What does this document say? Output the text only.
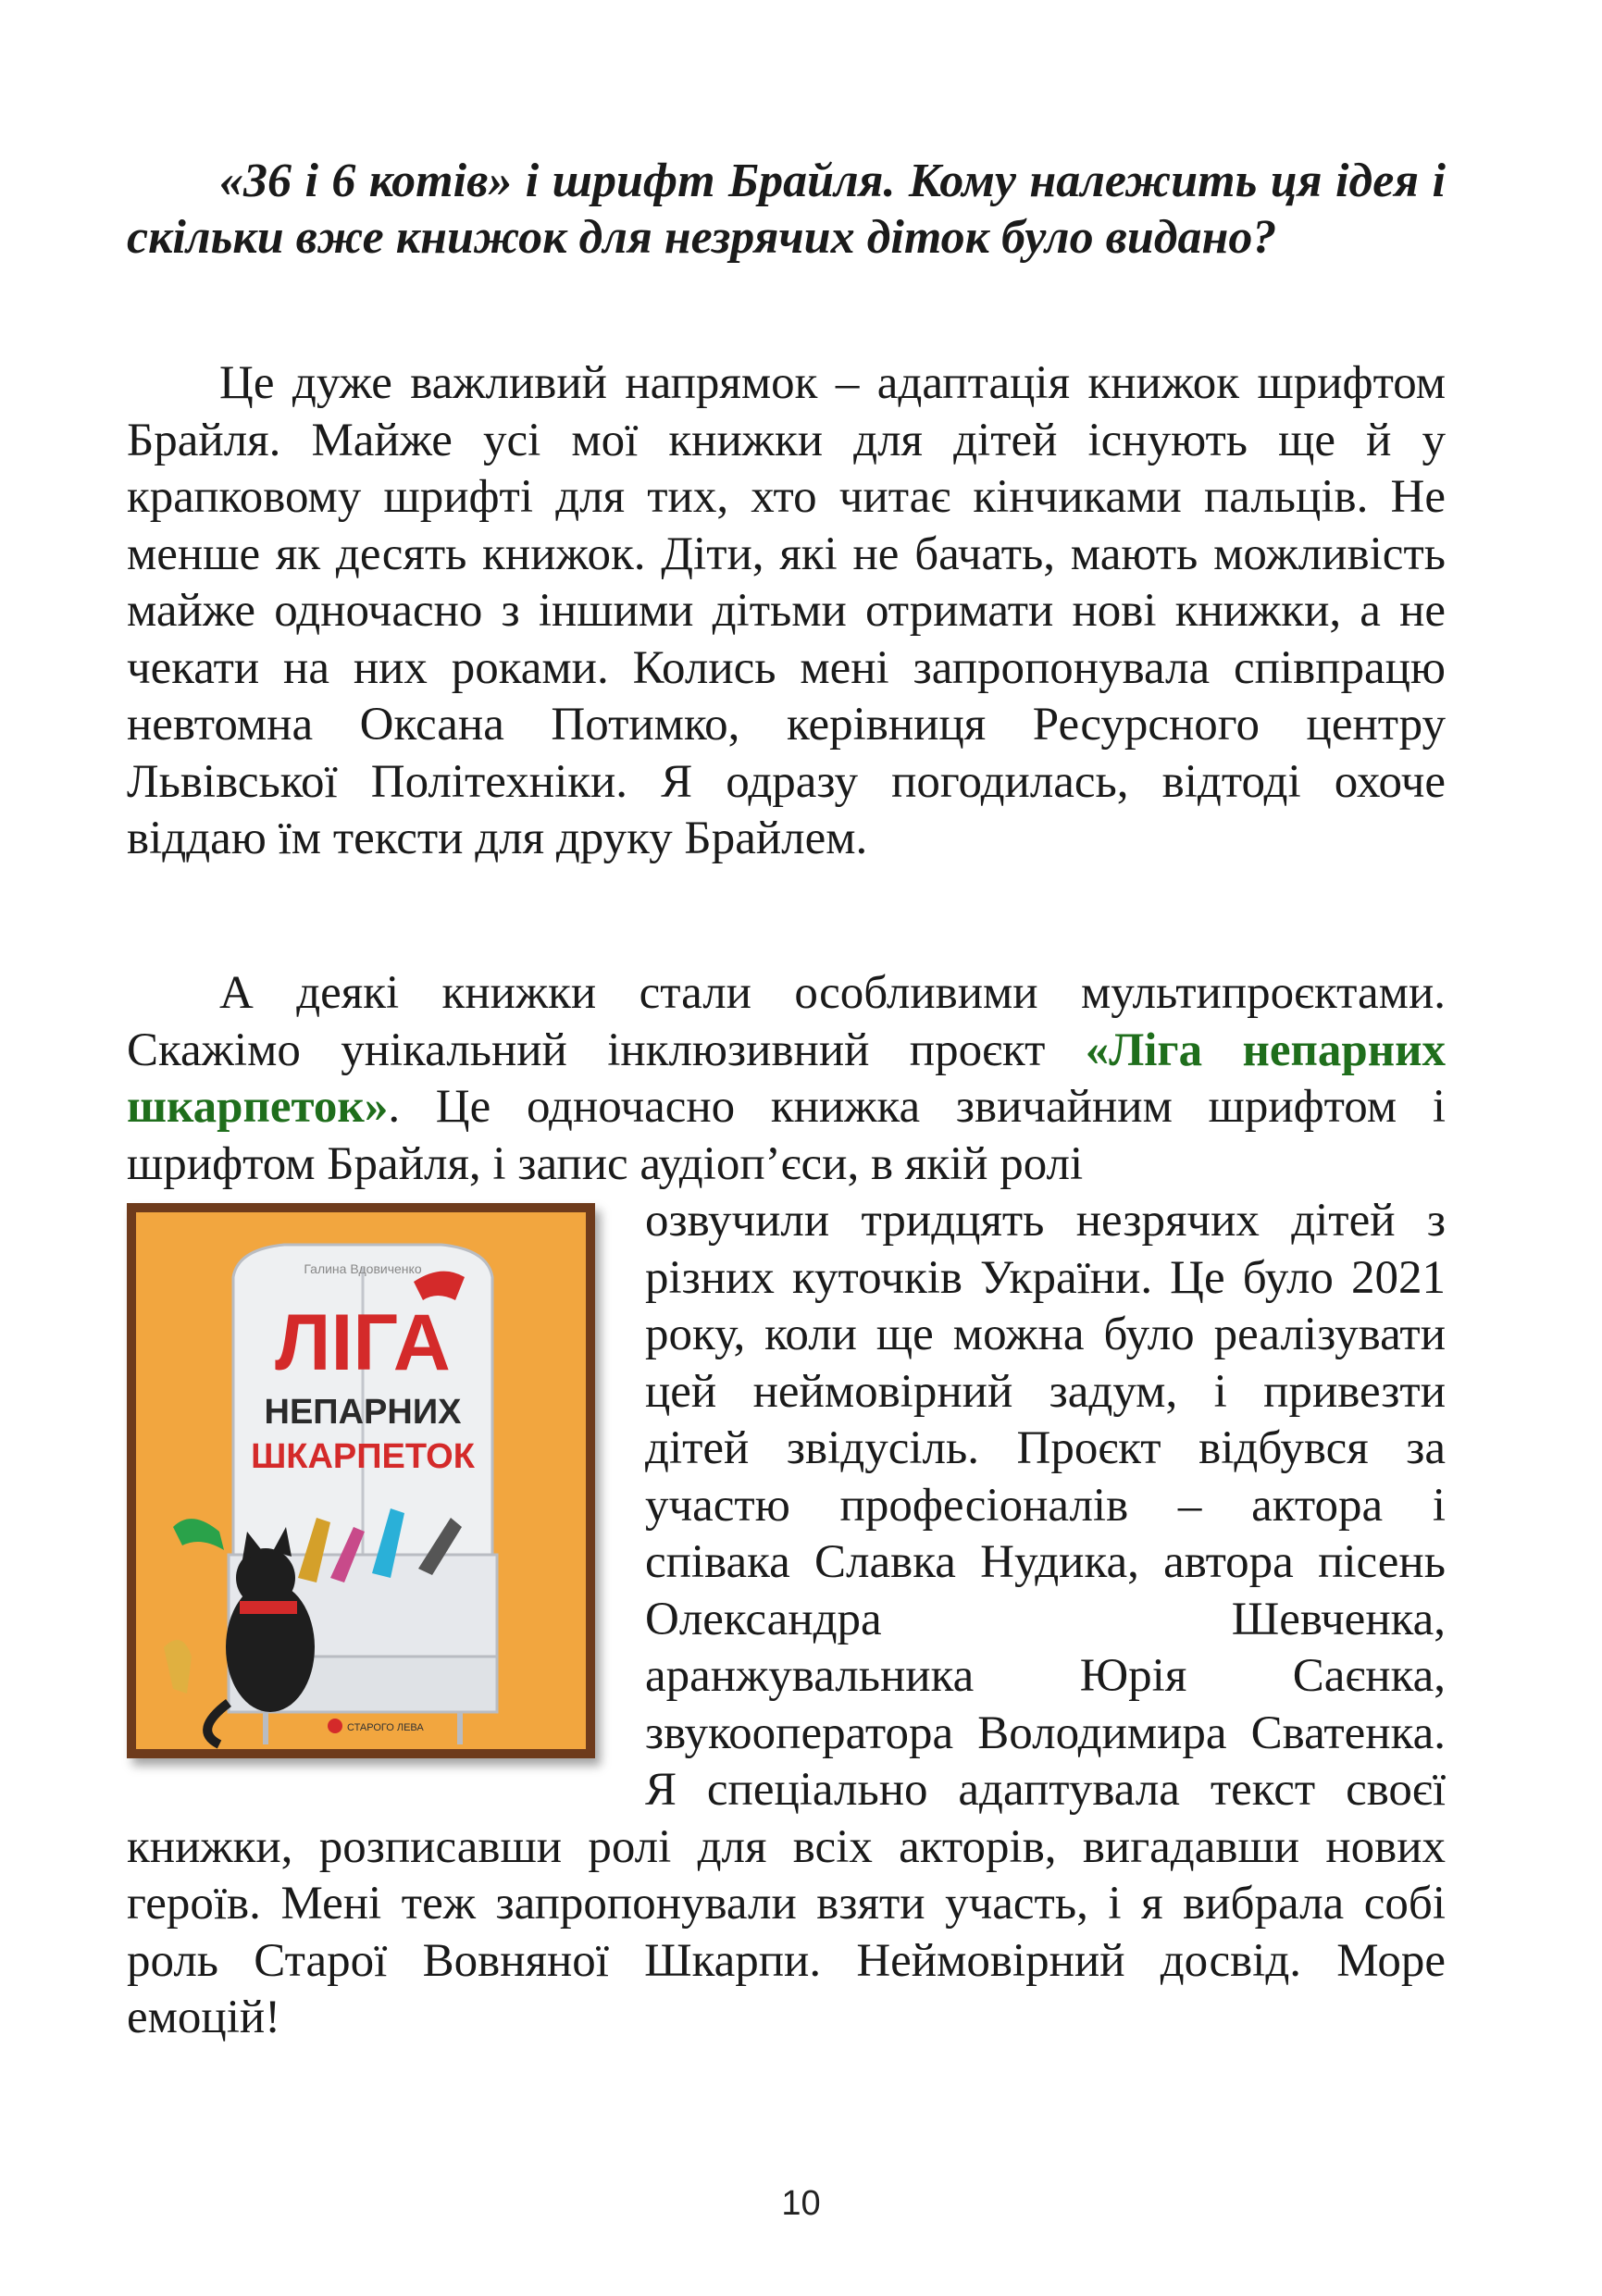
«36 і 6 котів» і шрифт Брайля. Кому належить ця ідея і скільки вже книжок для незрячих діток було видано?

Це дуже важливий напрямок – адаптація книжок шрифтом Брайля. Майже усі мої книжки для дітей існують ще й у крапковому шрифті для тих, хто читає кінчиками пальців. Не менше як десять книжок. Діти, які не бачать, мають можливість майже одночасно з іншими дітьми отримати нові книжки, а не чекати на них роками. Колись мені запропонувала співпрацю невтомна Оксана Потимко, керівниця Ресурсного центру Львівської Політехніки. Я одразу погодилась, відтоді охоче віддаю їм тексти для друку Брайлем.

А деякі книжки стали особливими мультипроєктами. Скажімо унікальний інклюзивний проєкт «Ліга непарних шкарпеток». Це одночасно книжка звичайним шрифтом і шрифтом Брайля, і запис аудіоп’єси, в якій ролі
Галина Вдовиченко
ЛІГА
НЕПАРНИХ
ШКАРПЕТОК
СТАРОГО ЛЕВА
озвучили тридцять незрячих дітей з різних куточків України. Це було 2021 року, коли ще можна було реалізувати цей неймовірний задум, і привезти дітей звідусіль. Проєкт відбувся за участю професіоналів – актора і співака Славка Нудика, автора пісень Олександра Шевченка, аранжувальника Юрія Саєнка, звукооператора Володимира Сватенка. Я спеціально адаптувала текст своєї книжки, розписавши ролі для всіх акторів, вигадавши нових героїв. Мені теж запропонували взяти участь, і я вибрала собі роль Старої Вовняної Шкарпи. Неймовірний досвід. Море емоцій!
10
